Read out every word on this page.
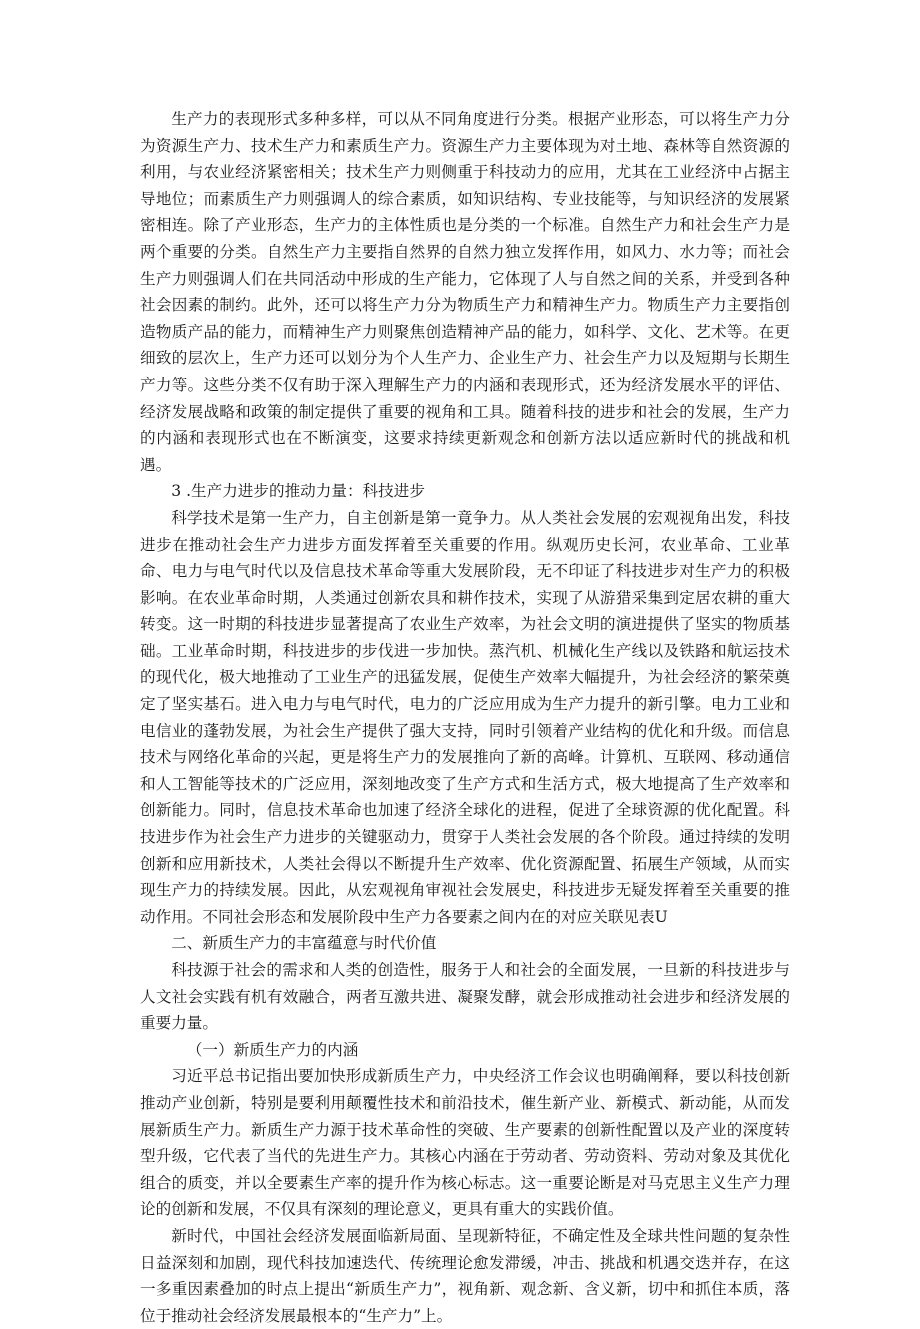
生产力的表现形式多种多样，可以从不同角度进行分类。根据产业形态，可以将生产力分为资源生产力、技术生产力和素质生产力。资源生产力主要体现为对土地、森林等自然资源的利用，与农业经济紧密相关；技术生产力则侧重于科技动力的应用，尤其在工业经济中占据主导地位；而素质生产力则强调人的综合素质，如知识结构、专业技能等，与知识经济的发展紧密相连。除了产业形态，生产力的主体性质也是分类的一个标准。自然生产力和社会生产力是两个重要的分类。自然生产力主要指自然界的自然力独立发挥作用，如风力、水力等；而社会生产力则强调人们在共同活动中形成的生产能力，它体现了人与自然之间的关系，并受到各种社会因素的制约。此外，还可以将生产力分为物质生产力和精神生产力。物质生产力主要指创造物质产品的能力，而精神生产力则聚焦创造精神产品的能力，如科学、文化、艺术等。在更细致的层次上，生产力还可以划分为个人生产力、企业生产力、社会生产力以及短期与长期生产力等。这些分类不仅有助于深入理解生产力的内涵和表现形式，还为经济发展水平的评估、经济发展战略和政策的制定提供了重要的视角和工具。随着科技的进步和社会的发展，生产力的内涵和表现形式也在不断演变，这要求持续更新观念和创新方法以适应新时代的挑战和机遇。

3 .生产力进步的推动力量：科技进步

科学技术是第一生产力，自主创新是第一竟争力。从人类社会发展的宏观视角出发，科技进步在推动社会生产力进步方面发挥着至关重要的作用。纵观历史长河，农业革命、工业革命、电力与电气时代以及信息技术革命等重大发展阶段，无不印证了科技进步对生产力的积极影响。在农业革命时期，人类通过创新农具和耕作技术，实现了从游猎采集到定居农耕的重大转变。这一时期的科技进步显著提高了农业生产效率，为社会文明的演进提供了坚实的物质基础。工业革命时期，科技进步的步伐进一步加快。蒸汽机、机械化生产线以及铁路和航运技术的现代化，极大地推动了工业生产的迅猛发展，促使生产效率大幅提升，为社会经济的繁荣奠定了坚实基石。进入电力与电气时代，电力的广泛应用成为生产力提升的新引擎。电力工业和电信业的蓬勃发展，为社会生产提供了强大支持，同时引领着产业结构的优化和升级。而信息技术与网络化革命的兴起，更是将生产力的发展推向了新的高峰。计算机、互联网、移动通信和人工智能等技术的广泛应用，深刻地改变了生产方式和生活方式，极大地提高了生产效率和创新能力。同时，信息技术革命也加速了经济全球化的进程，促进了全球资源的优化配置。科技进步作为社会生产力进步的关键驱动力，贯穿于人类社会发展的各个阶段。通过持续的发明创新和应用新技术，人类社会得以不断提升生产效率、优化资源配置、拓展生产领域，从而实现生产力的持续发展。因此，从宏观视角审视社会发展史，科技进步无疑发挥着至关重要的推动作用。不同社会形态和发展阶段中生产力各要素之间内在的对应关联见表U

二、新质生产力的丰富蕴意与时代价值

科技源于社会的需求和人类的创造性，服务于人和社会的全面发展，一旦新的科技进步与人文社会实践有机有效融合，两者互激共进、凝聚发酵，就会形成推动社会进步和经济发展的重要力量。

（一）新质生产力的内涵

习近平总书记指出要加快形成新质生产力，中央经济工作会议也明确阐释，要以科技创新推动产业创新，特别是要利用颠覆性技术和前沿技术，催生新产业、新模式、新动能，从而发展新质生产力。新质生产力源于技术革命性的突破、生产要素的创新性配置以及产业的深度转型升级，它代表了当代的先进生产力。其核心内涵在于劳动者、劳动资料、劳动对象及其优化组合的质变，并以全要素生产率的提升作为核心标志。这一重要论断是对马克思主义生产力理论的创新和发展，不仅具有深刻的理论意义，更具有重大的实践价值。

新时代，中国社会经济发展面临新局面、呈现新特征，不确定性及全球共性问题的复杂性日益深刻和加剧，现代科技加速迭代、传统理论愈发滞缓，冲击、挑战和机遇交迭并存，在这一多重因素叠加的时点上提出“新质生产力”，视角新、观念新、含义新，切中和抓住本质，落位于推动社会经济发展最根本的“生产力”上。
